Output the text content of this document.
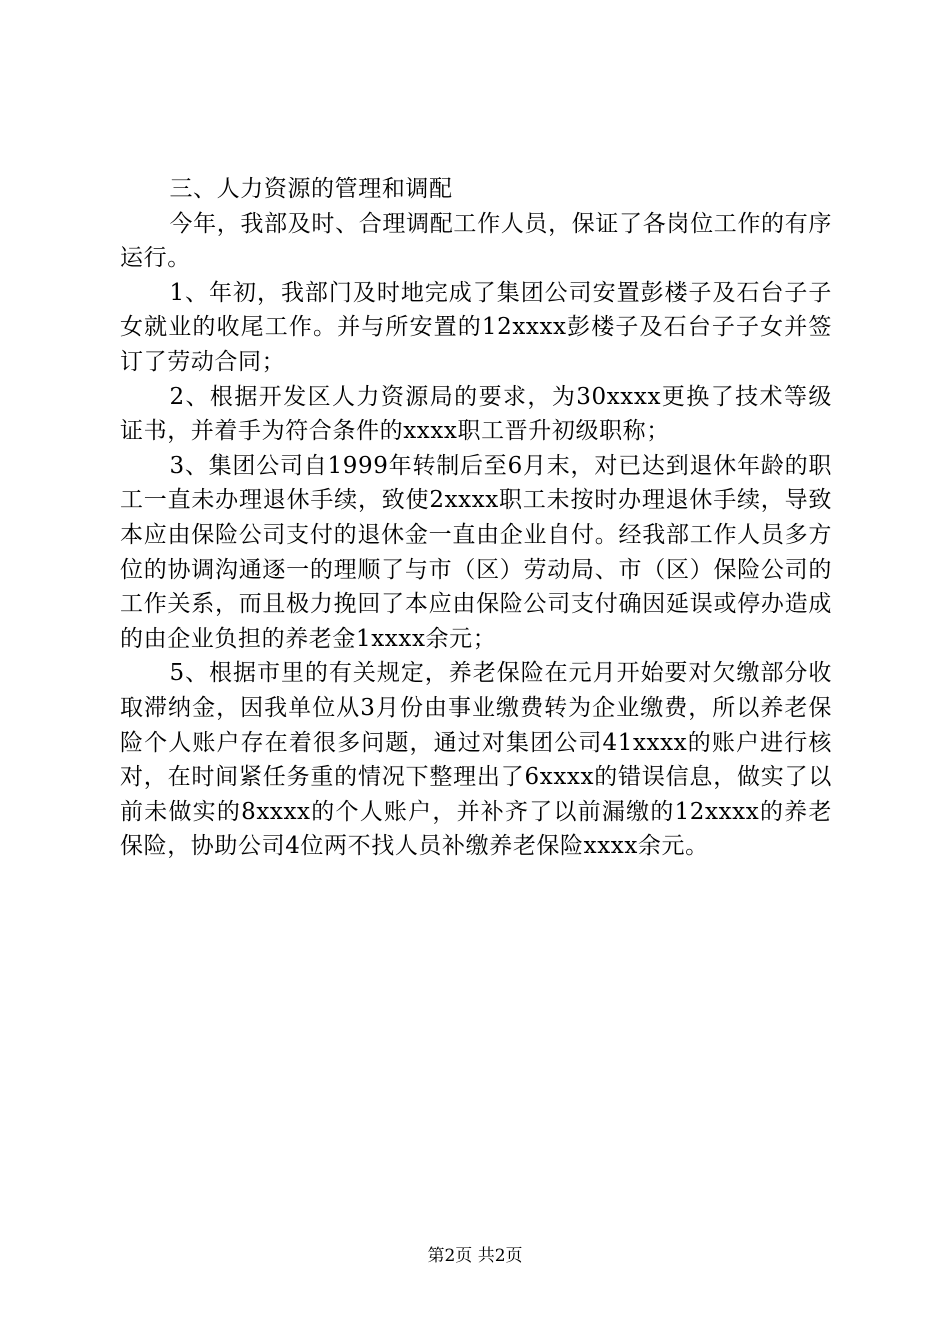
三、人力资源的管理和调配

今年，我部及时、合理调配工作人员，保证了各岗位工作的有序运行。

1、年初，我部门及时地完成了集团公司安置彭楼子及石台子子女就业的收尾工作。并与所安置的12xxxx彭楼子及石台子子女并签订了劳动合同；

2、根据开发区人力资源局的要求，为30xxxx更换了技术等级证书，并着手为符合条件的xxxx职工晋升初级职称；

3、集团公司自1999年转制后至6月末，对已达到退休年龄的职工一直未办理退休手续，致使2xxxx职工未按时办理退休手续，导致本应由保险公司支付的退休金一直由企业自付。经我部工作人员多方位的协调沟通逐一的理顺了与市（区）劳动局、市（区）保险公司的工作关系，而且极力挽回了本应由保险公司支付确因延误或停办造成的由企业负担的养老金1xxxx余元；

5、根据市里的有关规定，养老保险在元月开始要对欠缴部分收取滞纳金，因我单位从3月份由事业缴费转为企业缴费，所以养老保险个人账户存在着很多问题，通过对集团公司41xxxx的账户进行核对，在时间紧任务重的情况下整理出了6xxxx的错误信息，做实了以前未做实的8xxxx的个人账户，并补齐了以前漏缴的12xxxx的养老保险，协助公司4位两不找人员补缴养老保险xxxx余元。

第2页 共2页
